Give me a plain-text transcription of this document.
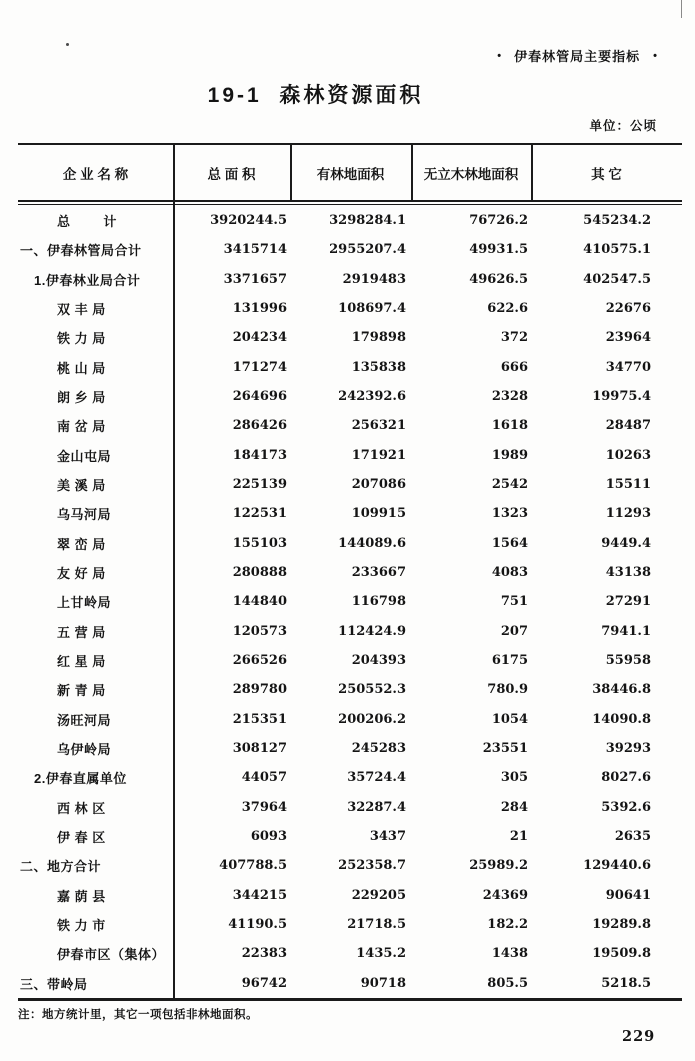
• 伊春林管局主要指标 •
19-1  森林资源面积
单位：公顷
企 业 名 称	总 面 积	有林地面积	无立木林地面积	其 它
总        计	3920244.5	3298284.1	76726.2	545234.2
一、伊春林管局合计	3415714	2955207.4	49931.5	410575.1
1.伊春林业局合计	3371657	2919483	49626.5	402547.5
双 丰 局	131996	108697.4	622.6	22676
铁 力 局	204234	179898	372	23964
桃 山 局	171274	135838	666	34770
朗 乡 局	264696	242392.6	2328	19975.4
南 岔 局	286426	256321	1618	28487
金山屯局	184173	171921	1989	10263
美 溪 局	225139	207086	2542	15511
乌马河局	122531	109915	1323	11293
翠 峦 局	155103	144089.6	1564	9449.4
友 好 局	280888	233667	4083	43138
上甘岭局	144840	116798	751	27291
五 营 局	120573	112424.9	207	7941.1
红 星 局	266526	204393	6175	55958
新 青 局	289780	250552.3	780.9	38446.8
汤旺河局	215351	200206.2	1054	14090.8
乌伊岭局	308127	245283	23551	39293
2.伊春直属单位	44057	35724.4	305	8027.6
西 林 区	37964	32287.4	284	5392.6
伊 春 区	6093	3437	21	2635
二、地方合计	407788.5	252358.7	25989.2	129440.6
嘉 荫 县	344215	229205	24369	90641
铁 力 市	41190.5	21718.5	182.2	19289.8
伊春市区（集体）	22383	1435.2	1438	19509.8
三、带岭局	96742	90718	805.5	5218.5
注：地方统计里，其它一项包括非林地面积。
229
